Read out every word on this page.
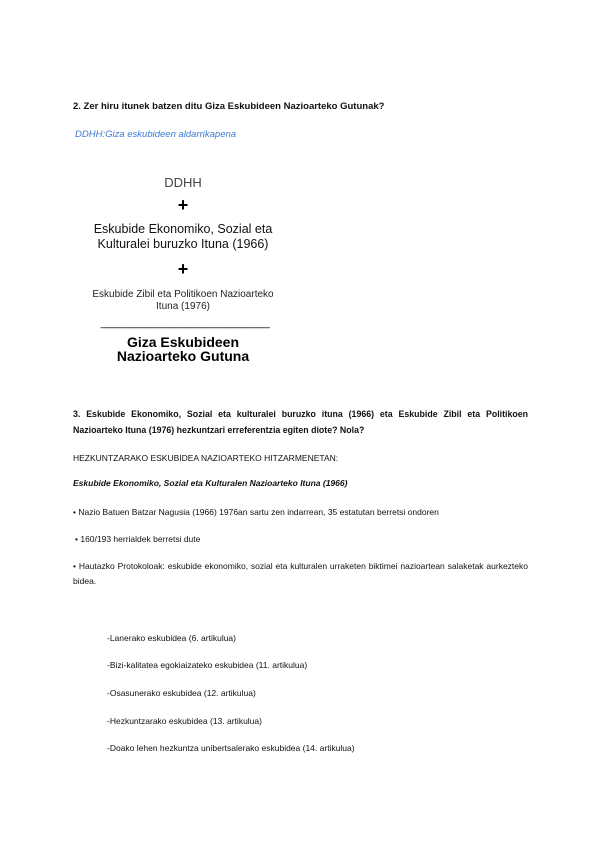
2. Zer hiru itunek batzen ditu Giza Eskubideen Nazioarteko Gutunak?
DDHH:Giza eskubideen aldarrikapena
DDHH
+
Eskubide Ekonomiko, Sozial eta
Kulturalei buruzko Ituna (1966)
+
Eskubide Zibil eta Politikoen Nazioarteko
Ituna (1976)
______________________________
Giza Eskubideen
Nazioarteko Gutuna
3. Eskubide Ekonomiko, Sozial eta kulturalei buruzko ituna (1966) eta Eskubide Zibil eta Politikoen Nazioarteko Ituna (1976) hezkuntzari erreferentzia egiten diote? Nola?
HEZKUNTZARAKO ESKUBIDEA NAZIOARTEKO HITZARMENETAN:
Eskubide Ekonomiko, Sozial eta Kulturalen Nazioarteko Ituna (1966)
• Nazio Batuen Batzar Nagusia (1966) 1976an sartu zen indarrean, 35 estatutan berretsi ondoren
• 160/193 herrialdek berretsi dute
• Hautazko Protokoloak: eskubide ekonomiko, sozial eta kulturalen urraketen biktimei nazioartean salaketak aurkezteko bidea.
-Lanerako eskubidea (6. artikulua)
-Bizi-kalitatea egokiaizateko eskubidea (11. artikulua)
-Osasunerako eskubidea (12. artikulua)
-Hezkuntzarako eskubidea (13. artikulua)
-Doako lehen hezkuntza unibertsalerako eskubidea (14. artikulua)
